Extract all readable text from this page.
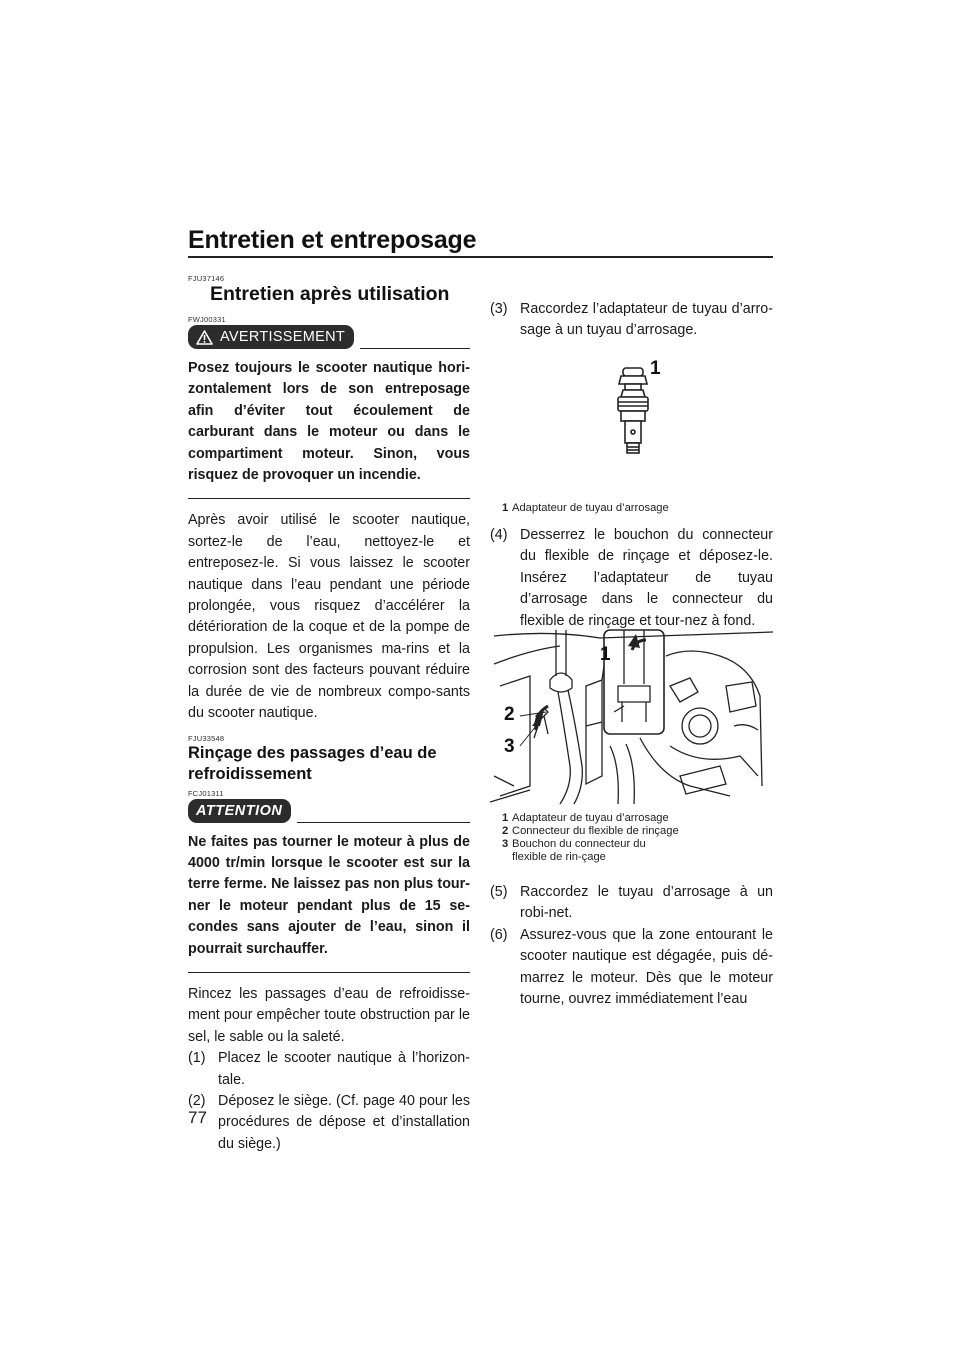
Entretien et entreposage
FJU37146
Entretien après utilisation
FWJ00331
AVERTISSEMENT

Posez toujours le scooter nautique hori-zontalement lors de son entreposage afin d’éviter tout écoulement de carburant dans le moteur ou dans le compartiment moteur. Sinon, vous risquez de provoquer un incendie.

Après avoir utilisé le scooter nautique, sortez-le de l’eau, nettoyez-le et entreposez-le. Si vous laissez le scooter nautique dans l’eau pendant une période prolongée, vous risquez d’accélérer la détérioration de la coque et de la pompe de propulsion. Les organismes ma-rins et la corrosion sont des facteurs pouvant réduire la durée de vie de nombreux compo-sants du scooter nautique.

FJU33548
Rinçage des passages d’eau de
refroidissement
FCJ01311
ATTENTION

Ne faites pas tourner le moteur à plus de 4000 tr/min lorsque le scooter est sur la terre ferme. Ne laissez pas non plus tour-ner le moteur pendant plus de 15 se-condes sans ajouter de l’eau, sinon il pourrait surchauffer.

Rincez les passages d’eau de refroidisse-ment pour empêcher toute obstruction par le sel, le sable ou la saleté.

(1) Placez le scooter nautique à l’horizon-tale.
(2) Déposez le siège. (Cf. page 40 pour les procédures de dépose et d’installation du siège.)
(3) Raccordez l’adaptateur de tuyau d’arro-sage à un tuyau d’arrosage.
1
1 Adaptateur de tuyau d’arrosage
(4) Desserrez le bouchon du connecteur du flexible de rinçage et déposez-le. Insérez l’adaptateur de tuyau d’arrosage dans le connecteur du flexible de rinçage et tour-nez à fond.
1
2
3
1 Adaptateur de tuyau d’arrosage
2 Connecteur du flexible de rinçage
3 Bouchon du connecteur du flexible de rin-çage
(5) Raccordez le tuyau d’arrosage à un robi-net.
(6) Assurez-vous que la zone entourant le scooter nautique est dégagée, puis dé-marrez le moteur. Dès que le moteur tourne, ouvrez immédiatement l’eau
77
